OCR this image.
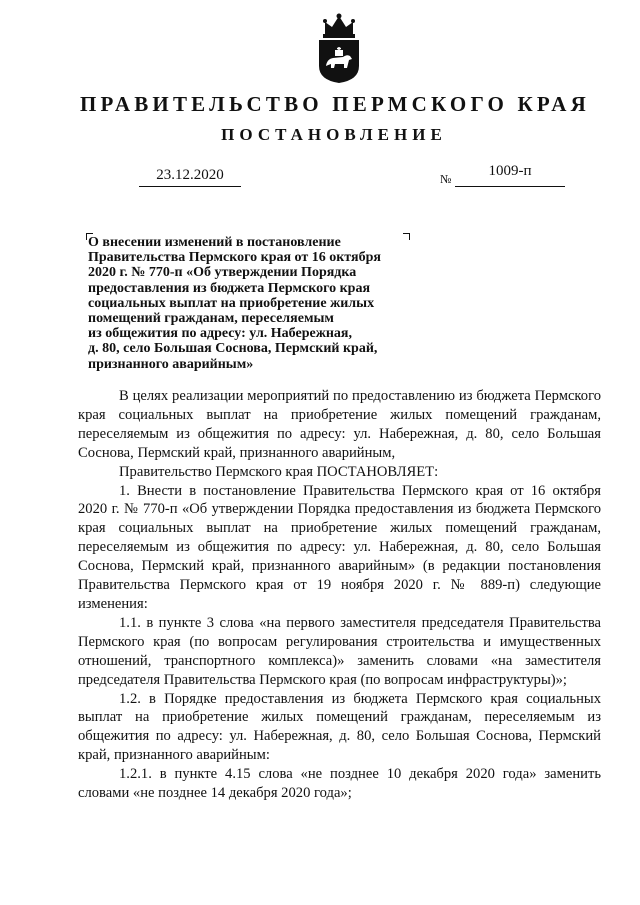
ПРАВИТЕЛЬСТВО ПЕРМСКОГО КРАЯ
ПОСТАНОВЛЕНИЕ
23.12.2020	№	1009-п
О внесении изменений в постановление
Правительства Пермского края от 16 октября
2020 г. № 770-п «Об утверждении Порядка
предоставления из бюджета Пермского края
социальных выплат на приобретение жилых
помещений гражданам, переселяемым
из общежития по адресу: ул. Набережная,
д. 80, село Большая Соснова, Пермский край,
признанного аварийным»

В целях реализации мероприятий по предоставлению из бюджета Пермского края социальных выплат на приобретение жилых помещений гражданам, переселяемым из общежития по адресу: ул. Набережная, д. 80, село Большая Соснова, Пермский край, признанного аварийным,

Правительство Пермского края ПОСТАНОВЛЯЕТ:

1. Внести в постановление Правительства Пермского края от 16 октября 2020 г. № 770-п «Об утверждении Порядка предоставления из бюджета Пермского края социальных выплат на приобретение жилых помещений гражданам, переселяемым из общежития по адресу: ул. Набережная, д. 80, село Большая Соснова, Пермский край, признанного аварийным» (в редакции постановления Правительства Пермского края от 19 ноября 2020 г. № 889-п) следующие изменения:

1.1. в пункте 3 слова «на первого заместителя председателя Правительства Пермского края (по вопросам регулирования строительства и имущественных отношений, транспортного комплекса)» заменить словами «на заместителя председателя Правительства Пермского края (по вопросам инфраструктуры)»;

1.2. в Порядке предоставления из бюджета Пермского края социальных выплат на приобретение жилых помещений гражданам, переселяемым из общежития по адресу: ул. Набережная, д. 80, село Большая Соснова, Пермский край, признанного аварийным:

1.2.1. в пункте 4.15 слова «не позднее 10 декабря 2020 года» заменить словами «не позднее 14 декабря 2020 года»;
